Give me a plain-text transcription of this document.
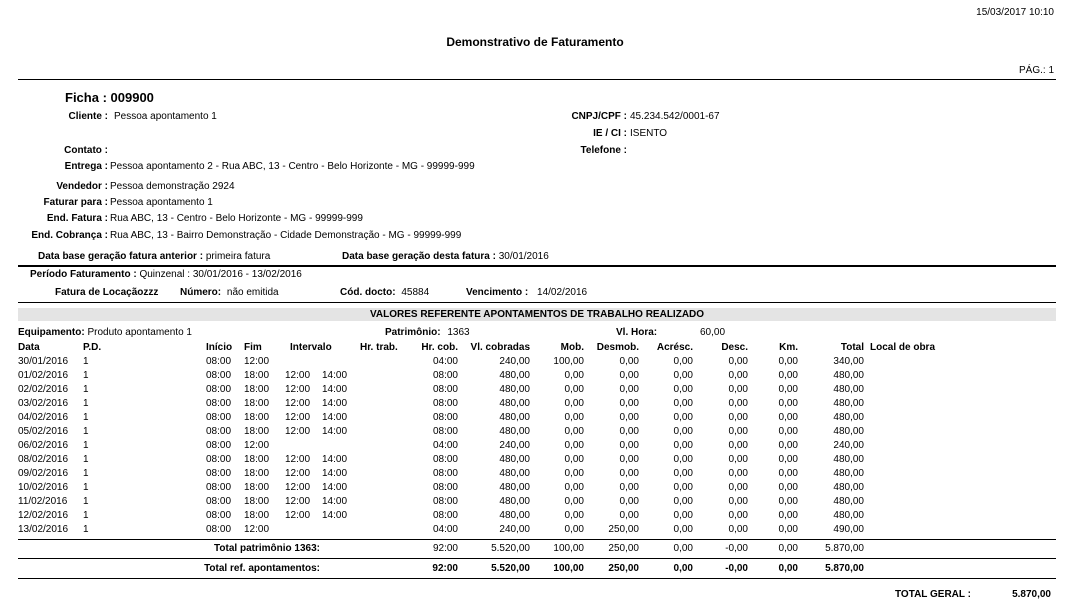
15/03/2017 10:10
Demonstrativo de Faturamento
PÁG.: 1
Ficha : 009900
Cliente : Pessoa apontamento 1
Contato :
Entrega : Pessoa apontamento 2 - Rua ABC, 13 - Centro - Belo Horizonte - MG - 99999-999
Vendedor : Pessoa demonstração 2924
Faturar para : Pessoa apontamento 1
End. Fatura : Rua ABC, 13 - Centro - Belo Horizonte - MG - 99999-999
End. Cobrança : Rua ABC, 13 - Bairro Demonstração - Cidade Demonstração - MG - 99999-999
CNPJ/CPF : 45.234.542/0001-67
IE / CI : ISENTO
Telefone :
Data base geração fatura anterior : primeira fatura	Data base geração desta fatura : 30/01/2016
Período Faturamento : Quinzenal : 30/01/2016 - 13/02/2016
Fatura de Locaçãozzz Número: não emitida	Cód. docto: 45884	Vencimento : 14/02/2016
VALORES REFERENTE APONTAMENTOS DE TRABALHO REALIZADO
Equipamento: Produto apontamento 1	Patrimônio: 1363	Vl. Hora:	60,00
Data	P.D.	Início Fim	Intervalo	Hr. trab.	Hr. cob.	Vl. cobradas	Mob.	Desmob.	Acrésc.	Desc.	Km.	Total Local de obra
30/01/2016 1	08:00 12:00	04:00	240,00	100,00	0,00	0,00	0,00	0,00	340,00
01/02/2016 1	08:00 18:00 12:00 14:00	08:00	480,00	0,00	0,00	0,00	0,00	0,00	480,00
02/02/2016 1	08:00 18:00 12:00 14:00	08:00	480,00	0,00	0,00	0,00	0,00	0,00	480,00
03/02/2016 1	08:00 18:00 12:00 14:00	08:00	480,00	0,00	0,00	0,00	0,00	0,00	480,00
04/02/2016 1	08:00 18:00 12:00 14:00	08:00	480,00	0,00	0,00	0,00	0,00	0,00	480,00
05/02/2016 1	08:00 18:00 12:00 14:00	08:00	480,00	0,00	0,00	0,00	0,00	0,00	480,00
06/02/2016 1	08:00 12:00	04:00	240,00	0,00	0,00	0,00	0,00	0,00	240,00
08/02/2016 1	08:00 18:00 12:00 14:00	08:00	480,00	0,00	0,00	0,00	0,00	0,00	480,00
09/02/2016 1	08:00 18:00 12:00 14:00	08:00	480,00	0,00	0,00	0,00	0,00	0,00	480,00
10/02/2016 1	08:00 18:00 12:00 14:00	08:00	480,00	0,00	0,00	0,00	0,00	0,00	480,00
11/02/2016 1	08:00 18:00 12:00 14:00	08:00	480,00	0,00	0,00	0,00	0,00	0,00	480,00
12/02/2016 1	08:00 18:00 12:00 14:00	08:00	480,00	0,00	0,00	0,00	0,00	0,00	480,00
13/02/2016 1	08:00 12:00	04:00	240,00	0,00	250,00	0,00	0,00	0,00	490,00
Total patrimônio 1363:	92:00	5.520,00	100,00	250,00	0,00	-0,00	0,00	5.870,00
Total ref. apontamentos:	92:00	5.520,00	100,00	250,00	0,00	-0,00	0,00	5.870,00
TOTAL GERAL :	5.870,00
